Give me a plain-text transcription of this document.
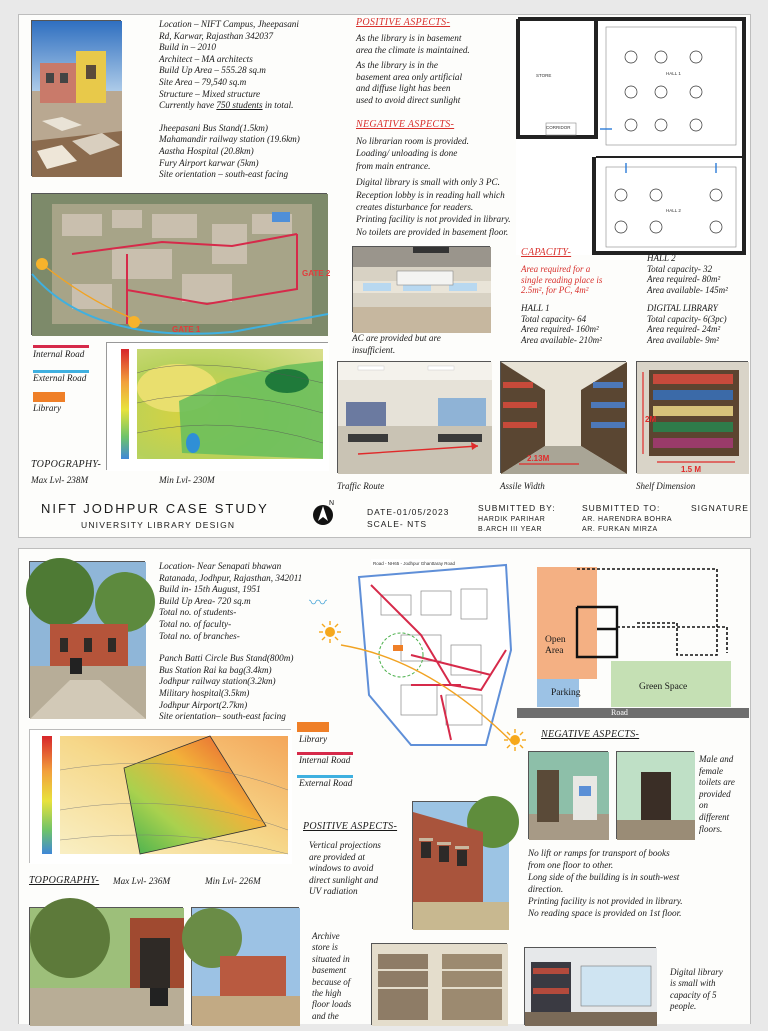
Location – NIFT Campus, Jheepasani
Rd, Karwar, Rajasthan 342037
Build in – 2010
Architect – MA architects
Build Up Area – 555.28 sq.m
Site Area – 79,540 sq.m
Structure – Mixed structure
Currently have 750 students in total.
Jheepasani Bus Stand(1.5km)
Mahamandir railway station (19.6km)
Aastha Hospital (20.8km)
Fury Airport karwar (5km)
Site orientation – south-east facing
POSITIVE ASPECTS-
As the library is in basement
area the climate is maintained.
As the library is in the
basement area only artificial
and diffuse light has been
used to avoid direct sunlight
NEGATIVE ASPECTS-
No librarian room is provided.
Loading/ unloading is done
from main entrance.
Digital library is small with only 3 PC.
Reception lobby is in reading hall which
creates disturbance for readers.
Printing facility is not provided in library.
No toilets are provided in basement floor.
STORE
CORRIDOR
HALL 1
HALL 2
GATE 1
GATE 2
Internal Road
External Road
Library
TOPOGRAPHY-
Max Lvl- 238M	Min Lvl- 230M
AC are provided but are
insufficient.
CAPACITY-
Area required for a
single reading place is
2.5m², for PC, 4m²
HALL 1
Total capacity- 64
Area required- 160m²
Area available- 210m²
HALL 2
Total capacity- 32
Area required- 80m²
Area available- 145m²
DIGITAL LIBRARY
Total capacity- 6(3pc)
Area required- 24m²
Area available- 9m²
2.13M
1.5 M
2M
Traffic Route	Assile Width	Shelf Dimension
NIFT JODHPUR CASE STUDY
UNIVERSITY LIBRARY DESIGN
N
DATE-01/05/2023
SCALE- NTS
SUBMITTED BY:
HARDIK PARIHAR
B.ARCH III YEAR
SUBMITTED TO:
AR. HARENDRA BOHRA
AR. FURKAN MIRZA
SIGNATURE
Location- Near Senapati bhawan
Ratanada, Jodhpur, Rajasthan, 342011
Build in- 15th August, 1951
Build Up Area- 720 sq.m
Total no. of students-
Total no. of faculty-
Total no. of branches-
Panch Batti Circle Bus Stand(800m)
Bus Station Rai ka bag(3.4km)
Jodhpur railway station(3.2km)
Military hospital(3.5km)
Jodhpur Airport(2.7km)
Site orientation– south-east facing
〰
Road - NH65 - Jodhpur Ghanttaray Road
Library
Internal Road
External Road
Open
Area
Parking
Green Space
Road
TOPOGRAPHY- Max Lvl- 236M	Min Lvl- 226M
POSITIVE ASPECTS-
Vertical projections
are provided at
windows to avoid
direct sunlight and
UV radiation
NEGATIVE ASPECTS-
Male and
female
toilets are
provided
on
different
floors.
No lift or ramps for transport of books
from one floor to other.
Long side of the building is in south-west
direction.
Printing facility is not provided in library.
No reading space is provided on 1st floor.
Archive
store is
situated in
basement
because of
the high
floor loads
and the
Digital library
is small with
capacity of 5
people.
